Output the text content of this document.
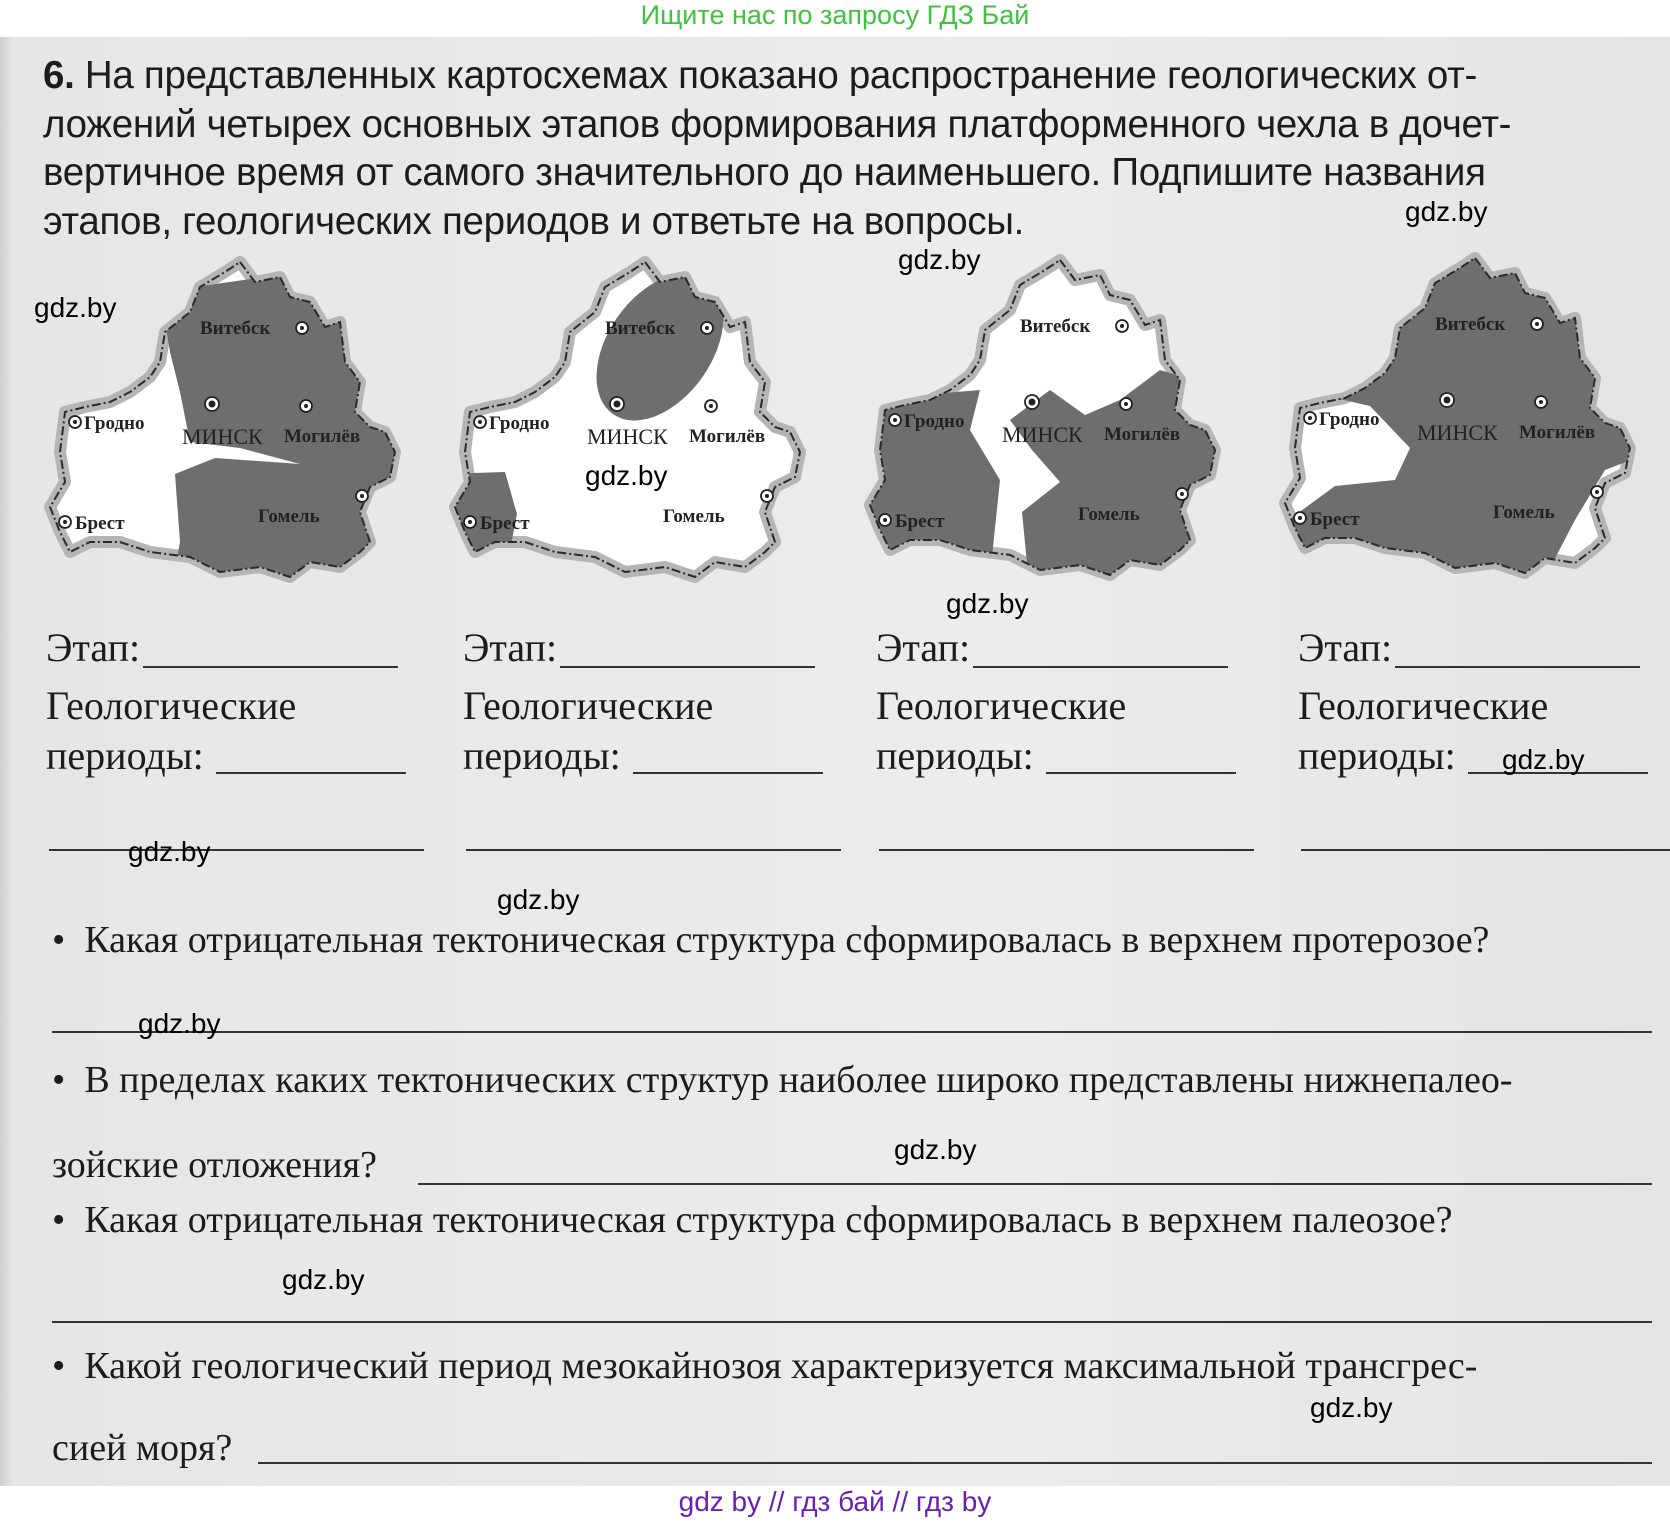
Ищите нас по запросу ГДЗ Бай
6. На представленных картосхемах показано распространение геологических от-
ложений четырех основных этапов формирования платформенного чехла в дочет-
вертичное время от самого значительного до наименьшего. Подпишите названия
этапов, геологических периодов и ответьте на вопросы.
Витебск
Гродно
МИНСК Могилёв
Брест	Гомель
Витебск
Гродно
МИНСК Могилёв
Брест	Гомель
Витебск
Гродно
МИНСК Могилёв
Брест	Гомель
Витебск
Гродно
МИНСК Могилёв
Брест	Гомель
Этап:
Геологические
периоды:
Этап:
Геологические
периоды:
Этап:
Геологические
периоды:
Этап:
Геологические
периоды:
• Какая отрицательная тектоническая структура сформировалась в верхнем протерозое?
• В пределах каких тектонических структур наиболее широко представлены нижнепалео-
зойские отложения?
• Какая отрицательная тектоническая структура сформировалась в верхнем палеозое?
• Какой геологический период мезокайнозоя характеризуется максимальной трансгрес-
сией моря?
gdz.by
gdz.by
gdz.by
gdz.by
gdz.by
gdz.by
gdz.by
gdz.by
gdz.by
gdz.by
gdz.by
gdz.by
gdz by // гдз бай // гдз by
